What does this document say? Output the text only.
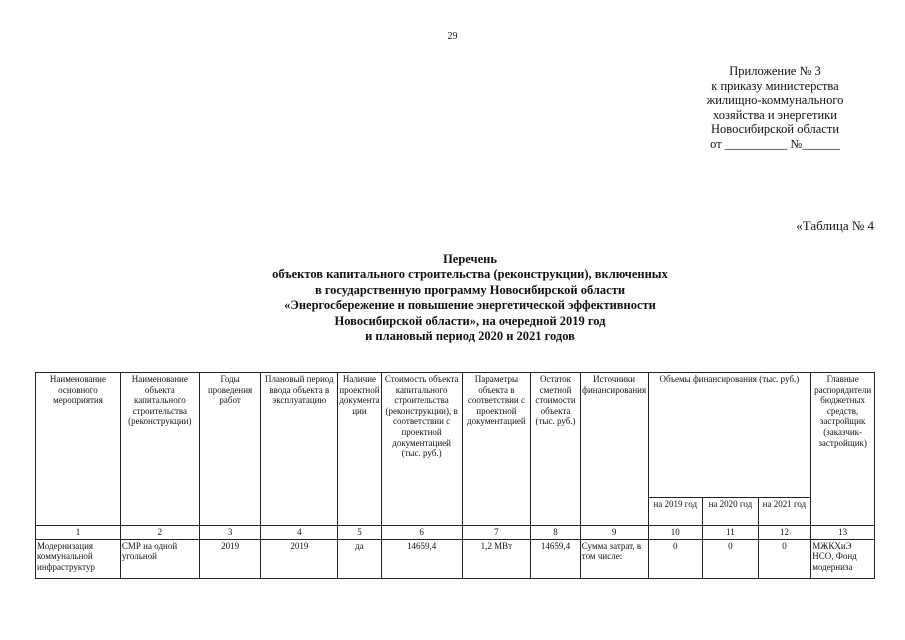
29
Приложение № 3
к приказу министерства
жилищно-коммунального
хозяйства и энергетики
Новосибирской области
от __________ №______
«Таблица № 4
Перечень
объектов капитального строительства (реконструкции), включенных
в государственную программу Новосибирской области
«Энергосбережение и повышение энергетической эффективности
Новосибирской области», на очередной 2019 год
и плановый период 2020 и 2021 годов
Наименование основного мероприятия	Наименование объекта капитального строительства (реконструкции)	Годы проведения работ	Плановый период ввода объекта в эксплуатацию	Наличие проектной документации	Стоимость объекта капитального строительства (реконструкции), в соответствии с проектной документацией (тыс. руб.)	Параметры объекта в соответствии с проектной документацией	Остаток сметной стоимости объекта (тыс. руб.)	Источники финансирования	Объемы финансирования (тыс. руб.)			Главные распорядители бюджетных средств, застройщик (заказчик-застройщик)
									на 2019 год	на 2020 год	на 2021 год	
1	2	3	4	5	6	7	8	9	10	11	12	13
Модернизация коммунальной инфраструктур	СМР на одной угольной	2019	2019	да	14659,4	1,2 МВт	14659,4	Сумма затрат, в том числе:	0	0	0	МЖКХиЭ НСО, Фонд модерниза
